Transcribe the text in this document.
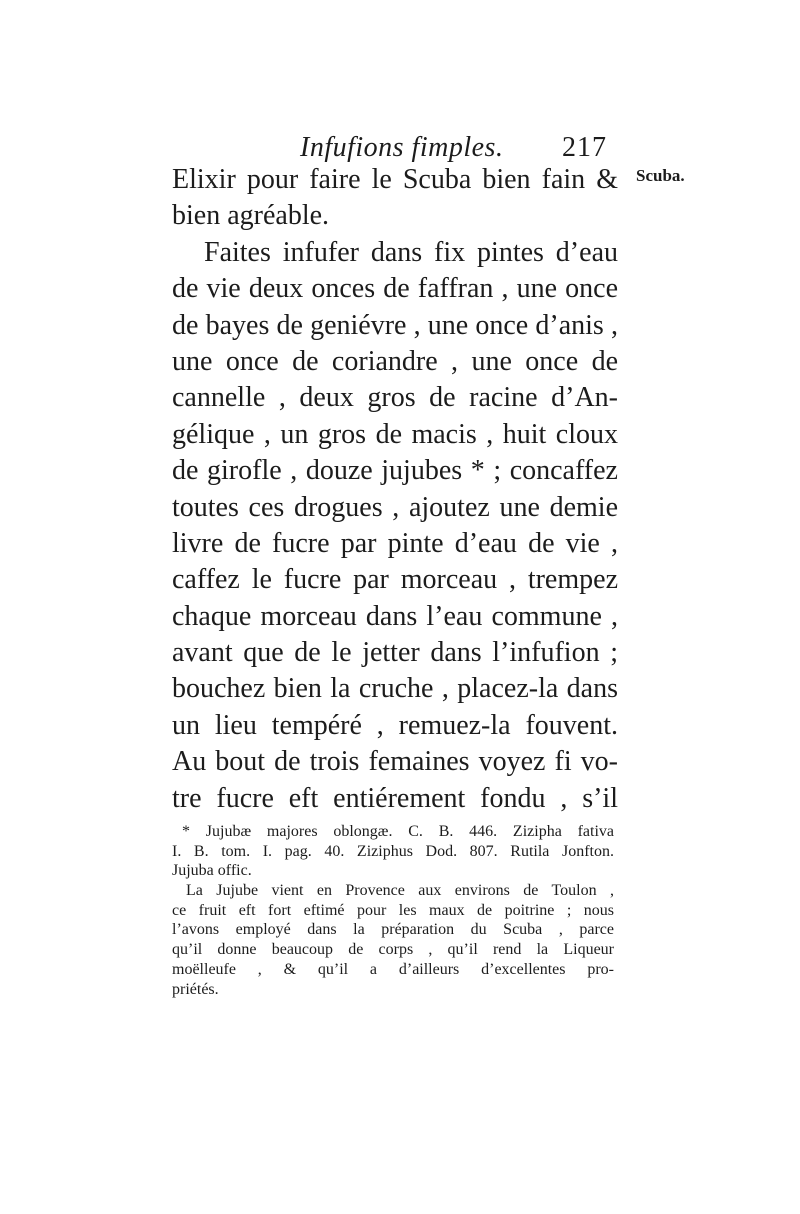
Infufions fimples. 217
Scuba.
Elixir pour faire le Scuba bien fain &
bien agréable.
Faites infufer dans fix pintes d’eau
de vie deux onces de faffran , une once
de bayes de geniévre , une once d’anis ,
une once de coriandre , une once de
cannelle , deux gros de racine d’An-
gélique , un gros de macis , huit cloux
de girofle , douze jujubes * ; concaffez
toutes ces drogues , ajoutez une demie
livre de fucre par pinte d’eau de vie ,
caffez le fucre par morceau , trempez
chaque morceau dans l’eau commune ,
avant que de le jetter dans l’infufion ;
bouchez bien la cruche , placez-la dans
un lieu tempéré , remuez-la fouvent.
Au bout de trois femaines voyez fi vo-
tre fucre eft entiérement fondu , s’il
* Jujubæ majores oblongæ. C. B. 446. Zizipha fativa
I. B. tom. I. pag. 40. Ziziphus Dod. 807. Rutila Jonfton.
Jujuba offic.
La Jujube vient en Provence aux environs de Toulon ,
ce fruit eft fort eftimé pour les maux de poitrine ; nous
l’avons employé dans la préparation du Scuba , parce
qu’il donne beaucoup de corps , qu’il rend la Liqueur
moëlleufe , & qu’il a d’ailleurs d’excellentes pro-
priétés.
